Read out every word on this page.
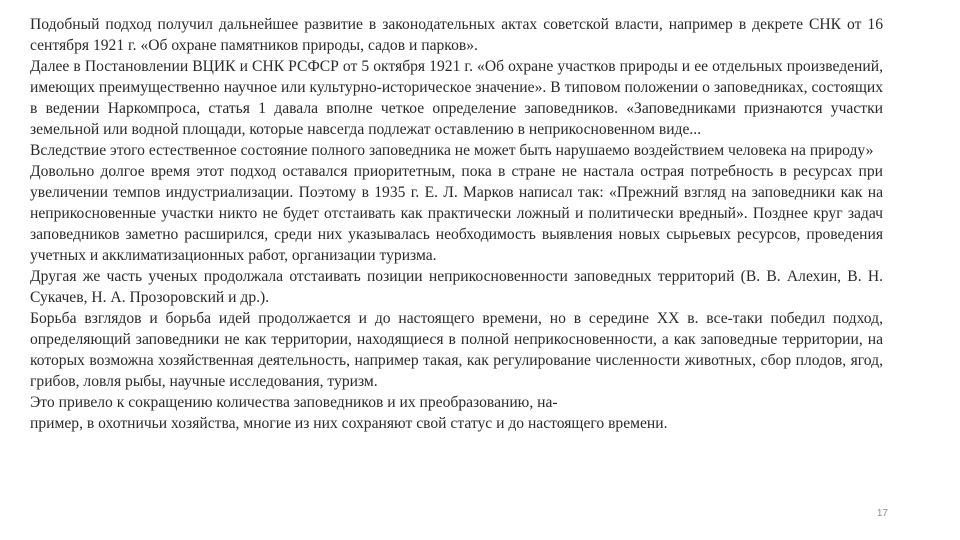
Подобный подход получил дальнейшее развитие в законодательных актах советской власти, например в декрете СНК от 16 сентября 1921 г. «Об охране памятников природы, садов и парков».

Далее в Постановлении ВЦИК и СНК РСФСР от 5 октября 1921 г. «Об охране участков природы и ее отдельных произведений, имеющих преимущественно научное или культурно-историческое значение». В типовом положении о заповедниках, состоящих в ведении Наркомпроса, статья 1 давала вполне четкое определение заповедников. «Заповедниками признаются участки земельной или водной площади, которые навсегда подлежат оставлению в неприкосновенном виде...

Вследствие этого естественное состояние полного заповедника не может быть нарушаемо воздействием человека на природу»

Довольно долгое время этот подход оставался приоритетным, пока в стране не настала острая потребность в ресурсах при увеличении темпов индустриализации. Поэтому в 1935 г. Е. Л. Марков написал так: «Прежний взгляд на заповедники как на неприкосновенные участки никто не будет отстаивать как практически ложный и политически вредный». Позднее круг задач заповедников заметно расширился, среди них указывалась необходимость выявления новых сырьевых ресурсов, проведения учетных и акклиматизационных работ, организации туризма.

Другая же часть ученых продолжала отстаивать позиции неприкосновенности заповедных территорий (В. В. Алехин, В. Н. Сукачев, Н. А. Прозоровский и др.).

Борьба взглядов и борьба идей продолжается и до настоящего времени, но в середине XX в. все-таки победил подход, определяющий заповедники не как территории, находящиеся в полной неприкосновенности, а как заповедные территории, на которых возможна хозяйственная деятельность, например такая, как регулирование численности животных, сбор плодов, ягод, грибов, ловля рыбы, научные исследования, туризм.

Это привело к сокращению количества заповедников и их преобразованию, на-

пример, в охотничьи хозяйства, многие из них сохраняют свой статус и до настоящего времени.

17
